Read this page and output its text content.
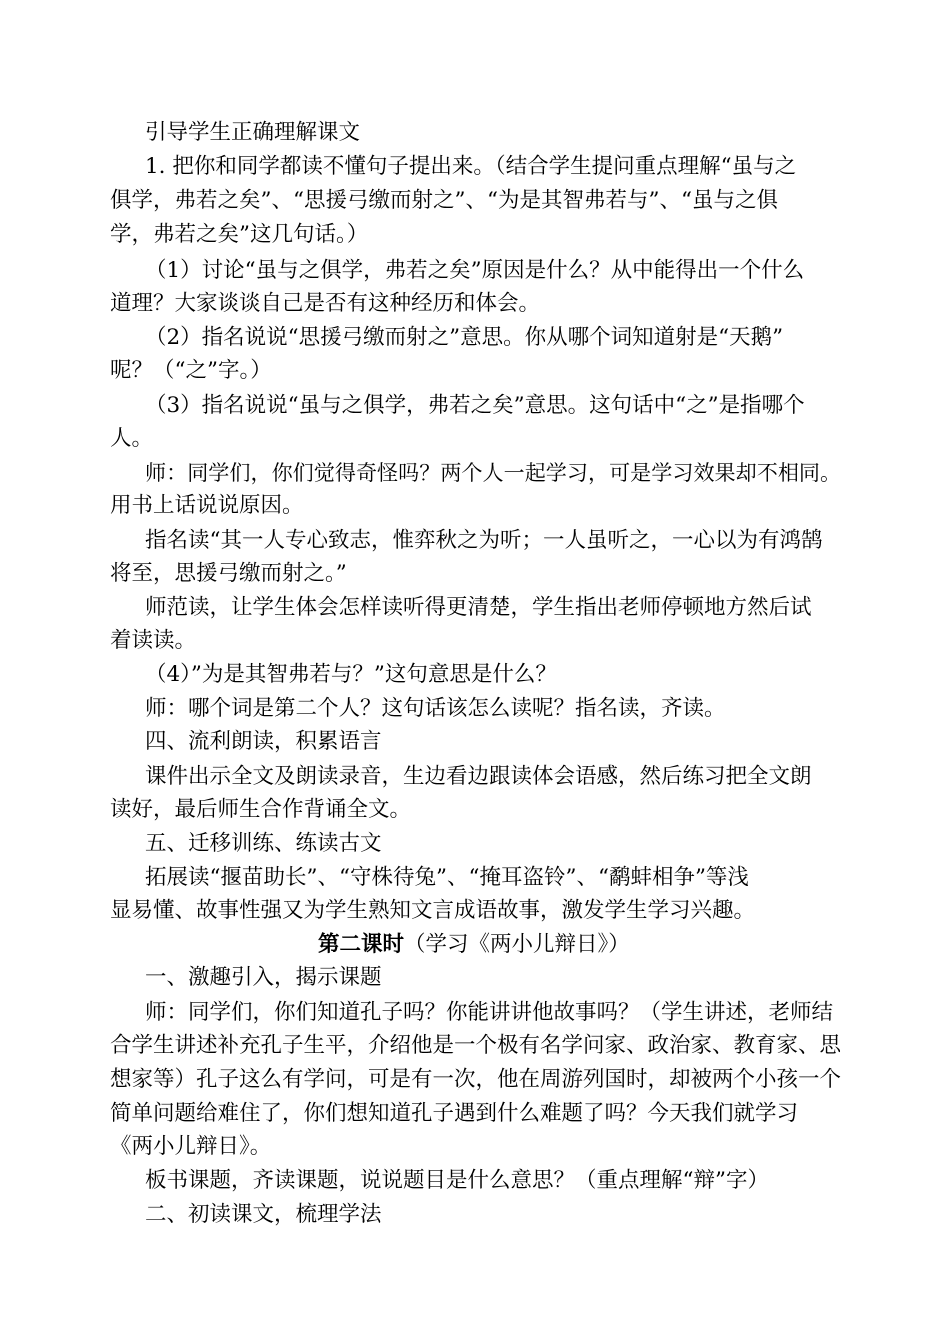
引导学生正确理解课文
1. 把你和同学都读不懂句子提出来。（结合学生提问重点理解“虽与之
俱学，弗若之矣”、“思援弓缴而射之”、“为是其智弗若与”、“虽与之俱
学，弗若之矣”这几句话。）
（1）讨论“虽与之俱学，弗若之矣”原因是什么？从中能得出一个什么
道理？大家谈谈自己是否有这种经历和体会。
（2）指名说说“思援弓缴而射之”意思。你从哪个词知道射是“天鹅”
呢？（“之”字。）
（3）指名说说“虽与之俱学，弗若之矣”意思。这句话中“之”是指哪个
人。
师：同学们，你们觉得奇怪吗？两个人一起学习，可是学习效果却不相同。
用书上话说说原因。
指名读“其一人专心致志，惟弈秋之为听；一人虽听之，一心以为有鸿鹄
将至，思援弓缴而射之。”
师范读，让学生体会怎样读听得更清楚，学生指出老师停顿地方然后试
着读读。
（4）”为是其智弗若与？”这句意思是什么？
师：哪个词是第二个人？这句话该怎么读呢？指名读，齐读。
四、流利朗读，积累语言
课件出示全文及朗读录音，生边看边跟读体会语感，然后练习把全文朗
读好，最后师生合作背诵全文。
五、迁移训练、练读古文
拓展读“揠苗助长”、“守株待兔”、“掩耳盗铃”、“鹬蚌相争”等浅
显易懂、故事性强又为学生熟知文言成语故事，激发学生学习兴趣。
第二课时（学习《两小儿辩日》）
一、激趣引入，揭示课题
师：同学们，你们知道孔子吗？你能讲讲他故事吗？（学生讲述，老师结
合学生讲述补充孔子生平，介绍他是一个极有名学问家、政治家、教育家、思
想家等）孔子这么有学问，可是有一次，他在周游列国时，却被两个小孩一个
简单问题给难住了，你们想知道孔子遇到什么难题了吗？今天我们就学习
《两小儿辩日》。
板书课题，齐读课题，说说题目是什么意思？（重点理解“辩”字）
二、初读课文，梳理学法
